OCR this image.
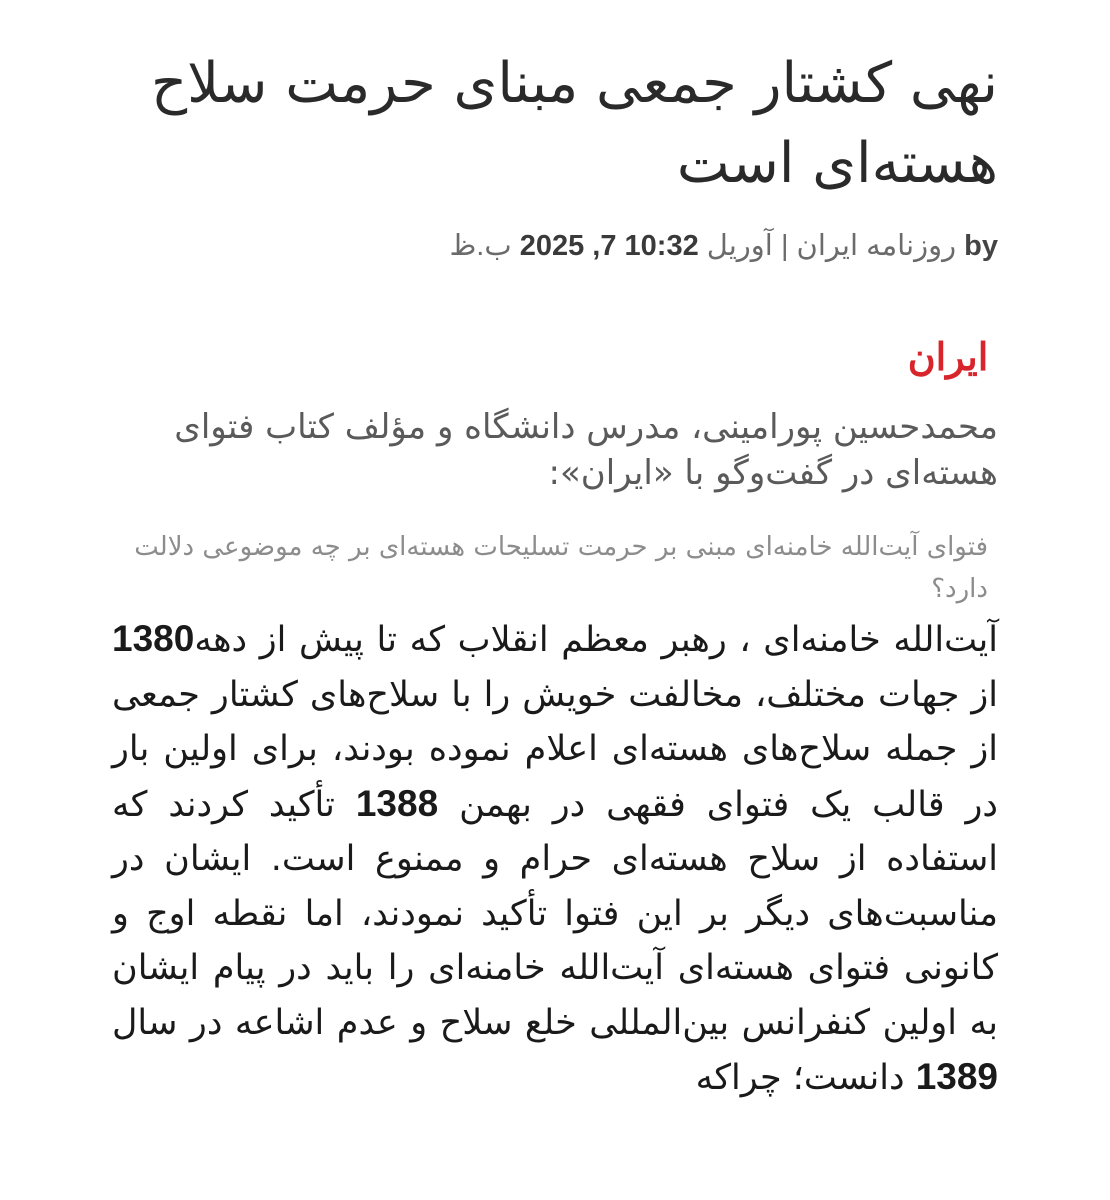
نهی کشتار جمعی مبنای حرمت سلاح هسته‌ای است
by روزنامه ایران | آوریل 2025 ,7 10:32 ب.ظ
ایران
محمدحسین پورامینی، مدرس دانشگاه و مؤلف کتاب فتوای هسته‌ای در گفت‌وگو با «ایران»:
فتوای آیت‌الله خامنه‌ای مبنی بر حرمت تسلیحات هسته‌ای بر چه موضوعی دلالت دارد؟
آیت‌الله خامنه‌ای ، رهبر معظم انقلاب که تا پیش از دهه1380 از جهات مختلف، مخالفت خویش را با سلاح‌های کشتار جمعی از جمله سلاح‌های هسته‌ای اعلام نموده بودند، برای اولین بار در قالب یک فتوای فقهی در بهمن 1388 تأکید کردند که استفاده از سلاح هسته‌ای حرام و ممنوع است. ایشان در مناسبت‌های دیگر بر این فتوا تأکید نمودند، اما نقطه اوج و کانونی فتوای هسته‌ای آیت‌الله خامنه‌ای را باید در پیام ایشان به اولین کنفرانس بین‌المللی خلع سلاح و عدم اشاعه در سال 1389 دانست؛ چراکه
